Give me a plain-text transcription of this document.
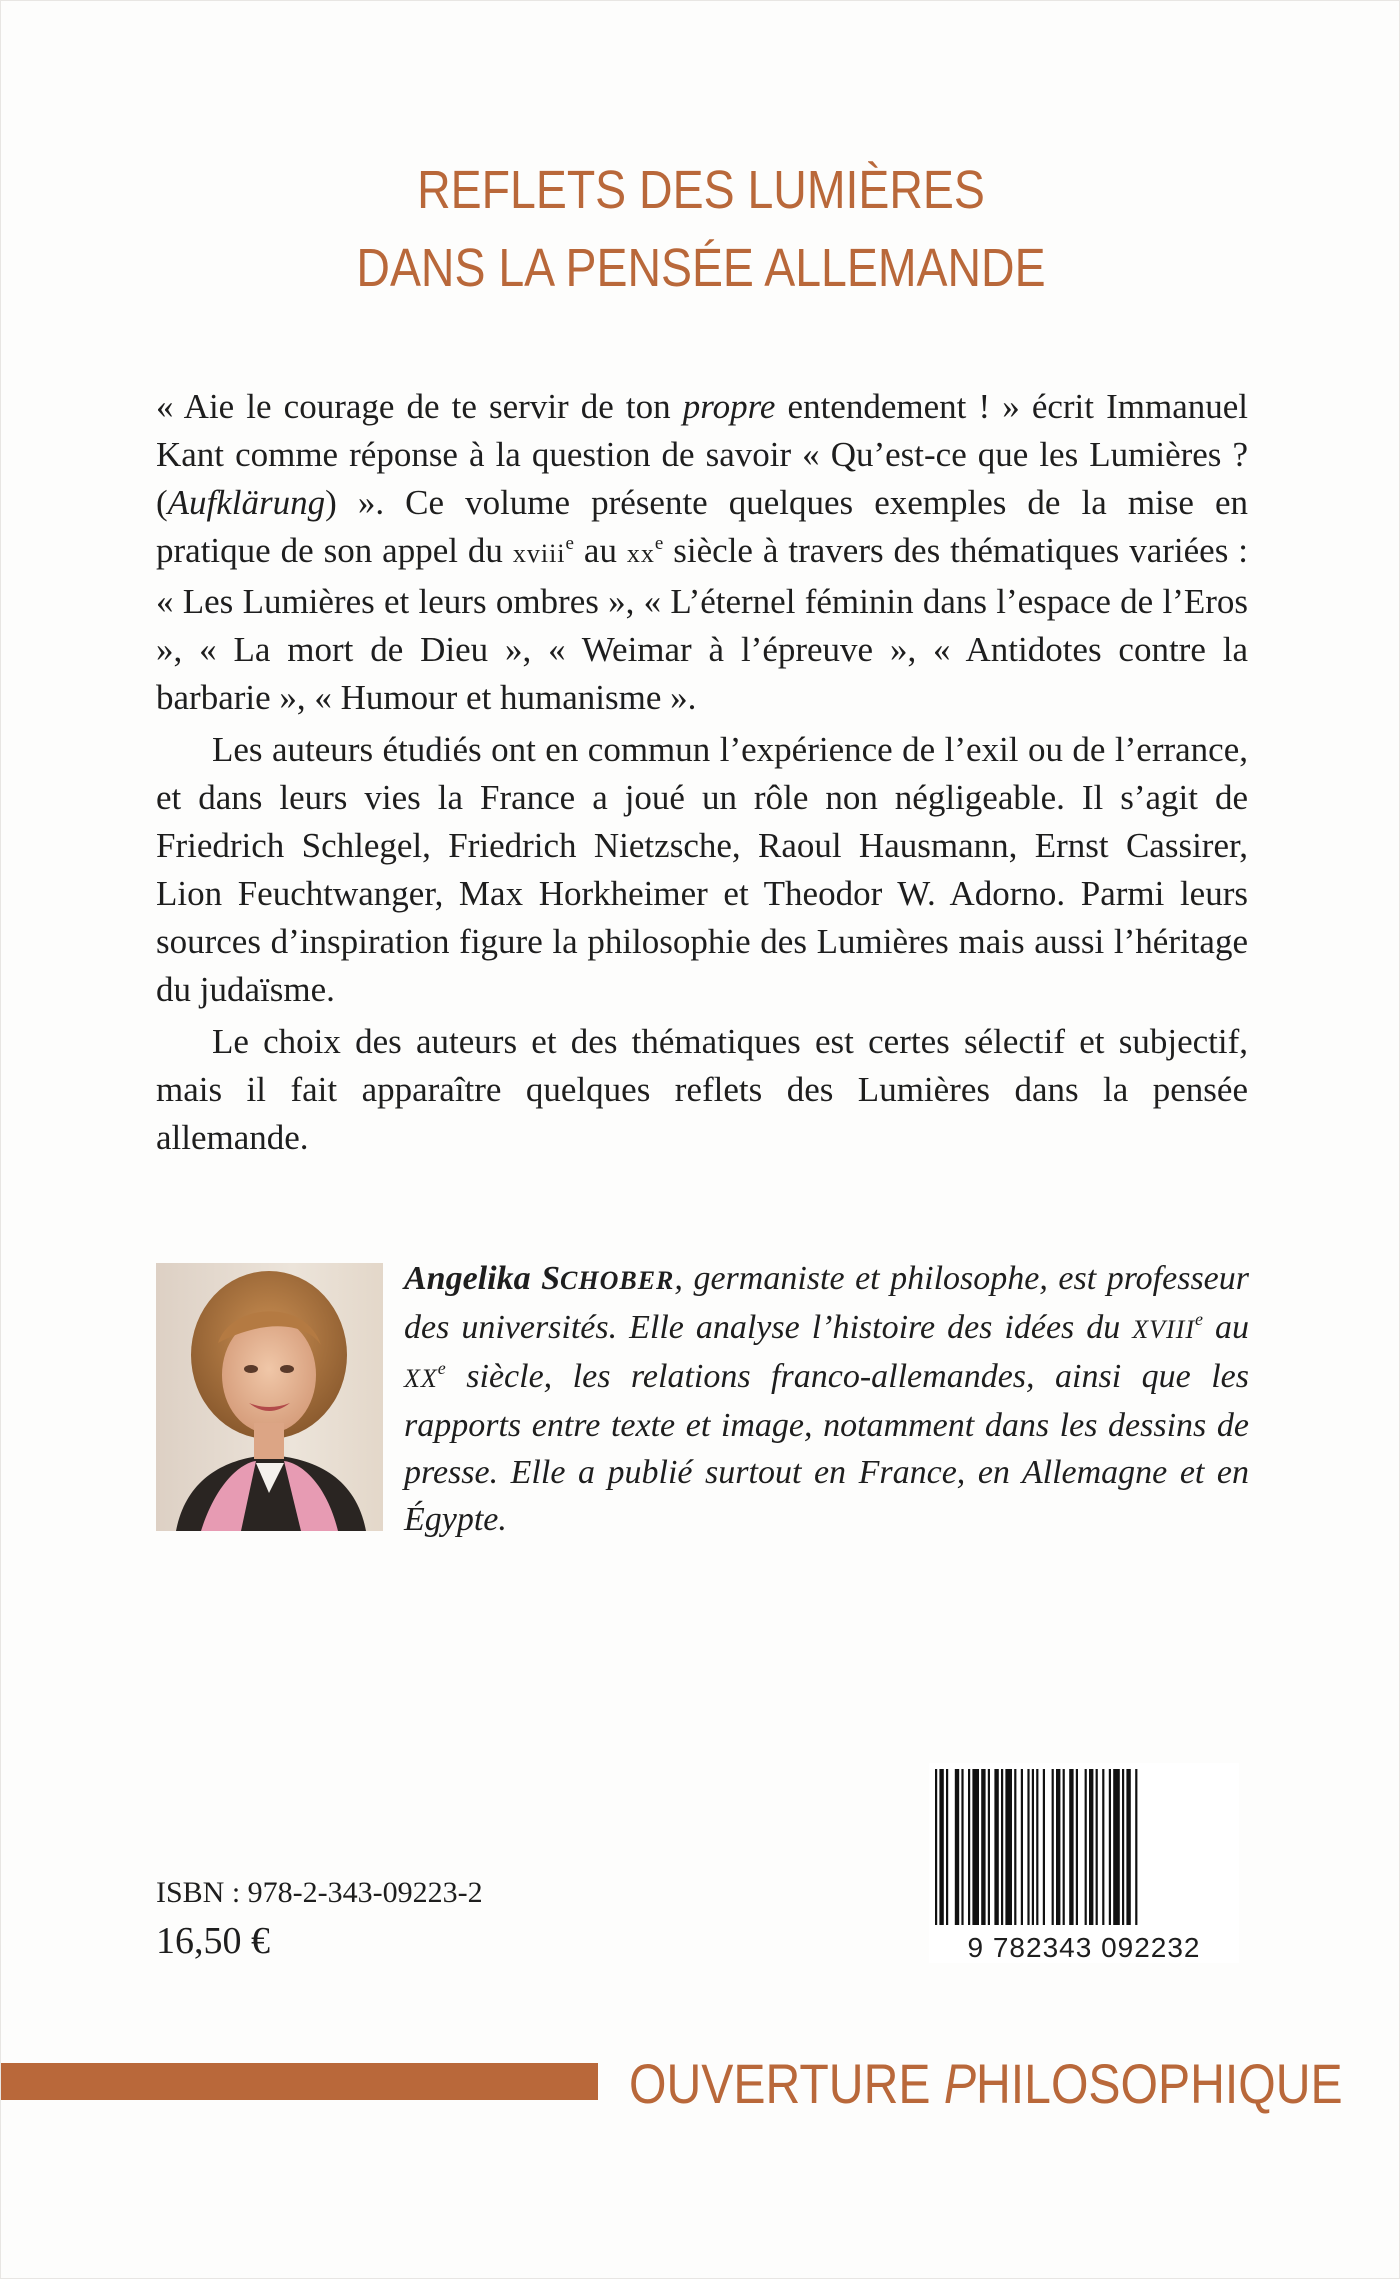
REFLETS DES LUMIÈRES
DANS LA PENSÉE ALLEMANDE

« Aie le courage de te servir de ton propre entendement ! » écrit Immanuel Kant comme réponse à la question de savoir « Qu’est-ce que les Lumières ? (Aufklärung) ». Ce volume présente quelques exemples de la mise en pratique de son appel du xviii$^e$ au $xx^e$ siècle à travers des thématiques variées : « Les Lumières et leurs ombres », « L’éternel féminin dans l’espace de l’Eros », « La mort de Dieu », « Weimar à l’épreuve », « Antidotes contre la barbarie », « Humour et humanisme ».

Les auteurs étudiés ont en commun l’expérience de l’exil ou de l’errance, et dans leurs vies la France a joué un rôle non négligeable. Il s’agit de Friedrich Schlegel, Friedrich Nietzsche, Raoul Hausmann, Ernst Cassirer, Lion Feuchtwanger, Max Horkheimer et Theodor W. Adorno. Parmi leurs sources d’inspiration figure la philosophie des Lumières mais aussi l’héritage du judaïsme.

Le choix des auteurs et des thématiques est certes sélectif et subjectif, mais il fait apparaître quelques reflets des Lumières dans la pensée allemande.

Angelika SCHOBER, germaniste et philosophe, est professeur des universités. Elle analyse l’histoire des idées du XVIIIe au XXe siècle, les relations franco-allemandes, ainsi que les rapports entre texte et image, notamment dans les dessins de presse. Elle a publié surtout en France, en Allemagne et en Égypte.
ISBN : 978-2-343-09223-2
16,50 €	9 782343 092232
OUVERTURE PHILOSOPHIQUE
